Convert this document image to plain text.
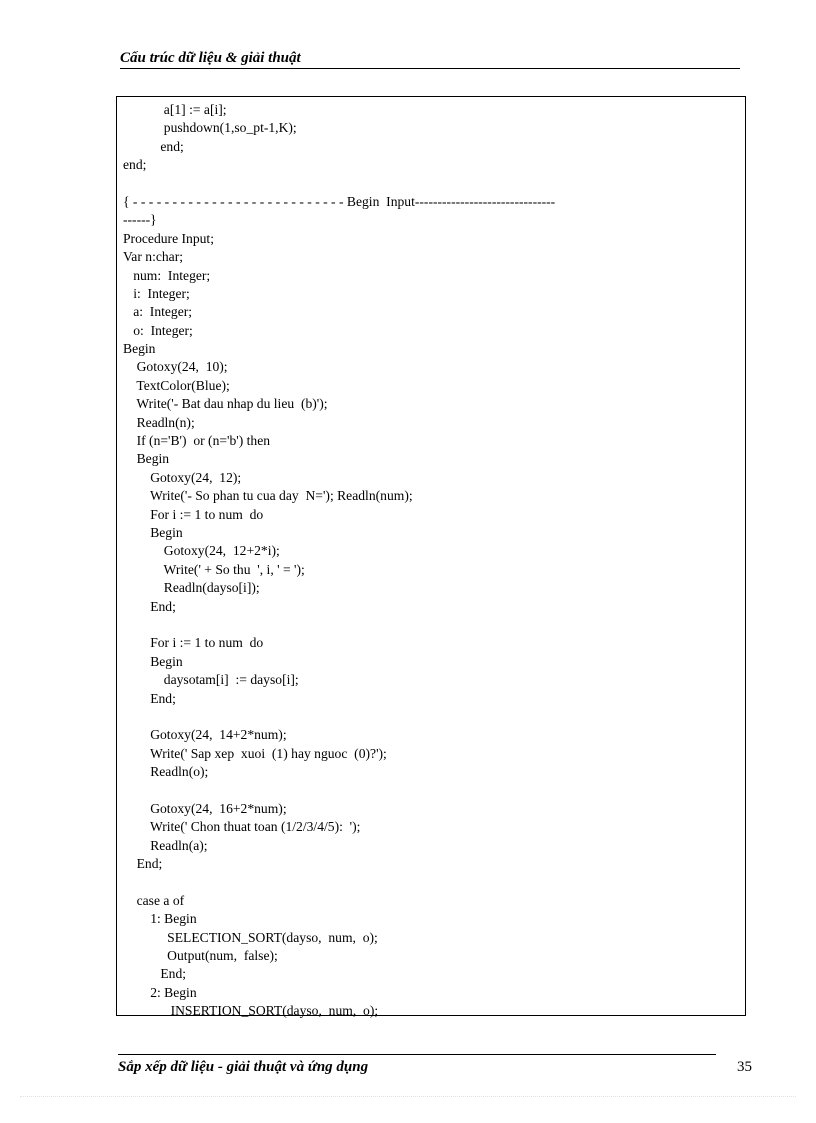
Cấu trúc dữ liệu & giải thuật
a[1] := a[i];
pushdown(1,so_pt-1,K);
end;
end;
{ - - - - - - - - - - - - - - - - - - - - - - - - - - - Begin  Input-------------------------------
------}
Procedure Input;
Var n:char;
num:  Integer;
i:  Integer;
a:  Integer;
o:  Integer;
Begin
Gotoxy(24,  10);
TextColor(Blue);
Write('- Bat dau nhap du lieu  (b)');
Readln(n);
If (n='B')  or (n='b') then
Begin
Gotoxy(24,  12);
Write('- So phan tu cua day  N='); Readln(num);
For i := 1 to num  do
Begin
Gotoxy(24,  12+2*i);
Write(' + So thu  ', i, ' = ');
Readln(dayso[i]);
End;
For i := 1 to num  do
Begin
daysotam[i]  := dayso[i];
End;
Gotoxy(24,  14+2*num);
Write(' Sap xep  xuoi  (1) hay nguoc  (0)?');
Readln(o);
Gotoxy(24,  16+2*num);
Write(' Chon thuat toan (1/2/3/4/5):  ');
Readln(a);
End;
case a of
1: Begin
SELECTION_SORT(dayso,  num,  o);
Output(num,  false);
End;
2: Begin
INSERTION_SORT(dayso,  num,  o);
Sắp xếp dữ liệu - giải thuật và ứng dụng	35
